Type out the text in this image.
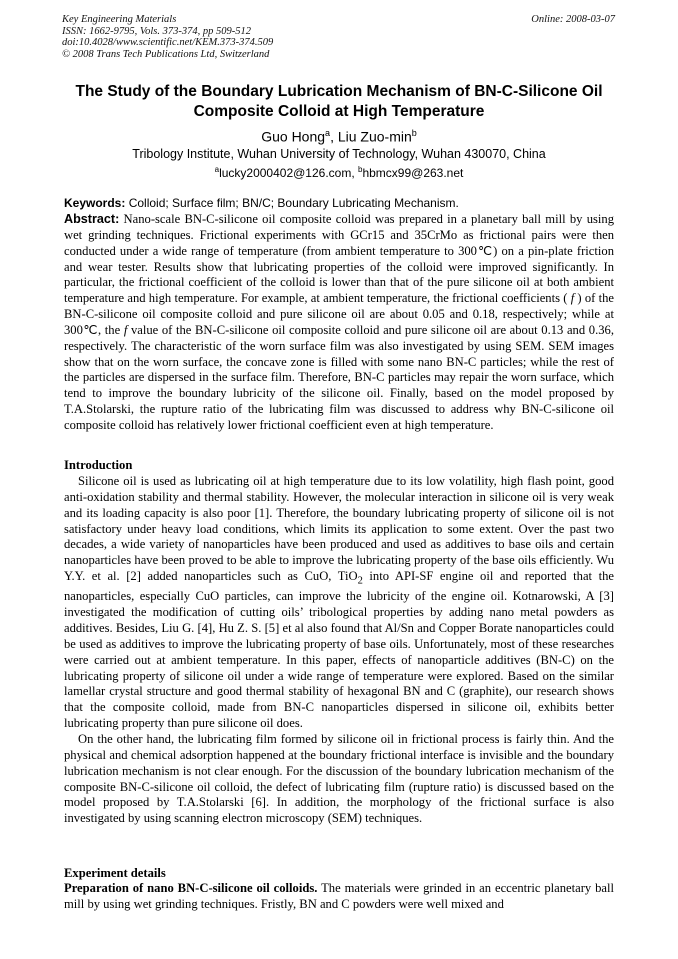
Key Engineering Materials
ISSN: 1662-9795, Vols. 373-374, pp 509-512
doi:10.4028/www.scientific.net/KEM.373-374.509
© 2008 Trans Tech Publications Ltd, Switzerland
Online: 2008-03-07
The Study of the Boundary Lubrication Mechanism of BN-C-Silicone Oil Composite Colloid at High Temperature
Guo Hong$^a$, Liu Zuo-$\min^b$
Tribology Institute, Wuhan University of Technology, Wuhan 430070, China
$^a$lucky2000402@126.com, $^b$hbmcx99@263.net
Keywords: Colloid; Surface film; BN/C; Boundary Lubricating Mechanism.
Abstract: Nano-scale BN-C-silicone oil composite colloid was prepared in a planetary ball mill by using wet grinding techniques. Frictional experiments with GCr15 and 35CrMo as frictional pairs were then conducted under a wide range of temperature (from ambient temperature to 300℃) on a pin-plate friction and wear tester. Results show that lubricating properties of the colloid were improved significantly. In particular, the frictional coefficient of the colloid is lower than that of the pure silicone oil at both ambient temperature and high temperature. For example, at ambient temperature, the frictional coefficients ( f ) of the BN-C-silicone oil composite colloid and pure silicone oil are about 0.05 and 0.18, respectively; while at 300℃, the f value of the BN-C-silicone oil composite colloid and pure silicone oil are about 0.13 and 0.36, respectively. The characteristic of the worn surface film was also investigated by using SEM. SEM images show that on the worn surface, the concave zone is filled with some nano BN-C particles; while the rest of the particles are dispersed in the surface film. Therefore, BN-C particles may repair the worn surface, which tend to improve the boundary lubricity of the silicone oil. Finally, based on the model proposed by T.A.Stolarski, the rupture ratio of the lubricating film was discussed to address why BN-C-silicone oil composite colloid has relatively lower frictional coefficient even at high temperature.
Introduction

Silicone oil is used as lubricating oil at high temperature due to its low volatility, high flash point, good anti-oxidation stability and thermal stability. However, the molecular interaction in silicone oil is very weak and its loading capacity is also poor [1]. Therefore, the boundary lubricating property of silicone oil is not satisfactory under heavy load conditions, which limits its application to some extent. Over the past two decades, a wide variety of nanoparticles have been produced and used as additives to base oils and certain nanoparticles have been proved to be able to improve the lubricating property of the base oils efficiently. Wu Y.Y. et al. [2] added nanoparticles such as CuO, TiO$_2$ into API-SF engine oil and reported that the nanoparticles, especially CuO particles, can improve the lubricity of the engine oil. Kotnarowski, A [3] investigated the modification of cutting oils’ tribological properties by adding nano metal powders as additives. Besides, Liu G. [4], Hu Z. S. [5] et al also found that Al/Sn and Copper Borate nanoparticles could be used as additives to improve the lubricating property of base oils. Unfortunately, most of these researches were carried out at ambient temperature. In this paper, effects of nanoparticle additives (BN-C) on the lubricating property of silicone oil under a wide range of temperature were explored. Based on the similar lamellar crystal structure and good thermal stability of hexagonal BN and C (graphite), our research shows that the composite colloid, made from BN-C nanoparticles dispersed in silicone oil, exhibits better lubricating property than pure silicone oil does.

On the other hand, the lubricating film formed by silicone oil in frictional process is fairly thin. And the physical and chemical adsorption happened at the boundary frictional interface is invisible and the boundary lubrication mechanism is not clear enough. For the discussion of the boundary lubrication mechanism of the composite BN-C-silicone oil colloid, the defect of lubricating film (rupture ratio) is discussed based on the model proposed by T.A.Stolarski [6]. In addition, the morphology of the frictional surface is also investigated by using scanning electron microscopy (SEM) techniques.

Experiment details
Preparation of nano BN-C-silicone oil colloids. The materials were grinded in an eccentric planetary ball mill by using wet grinding techniques. Fristly, BN and C powders were well mixed and
